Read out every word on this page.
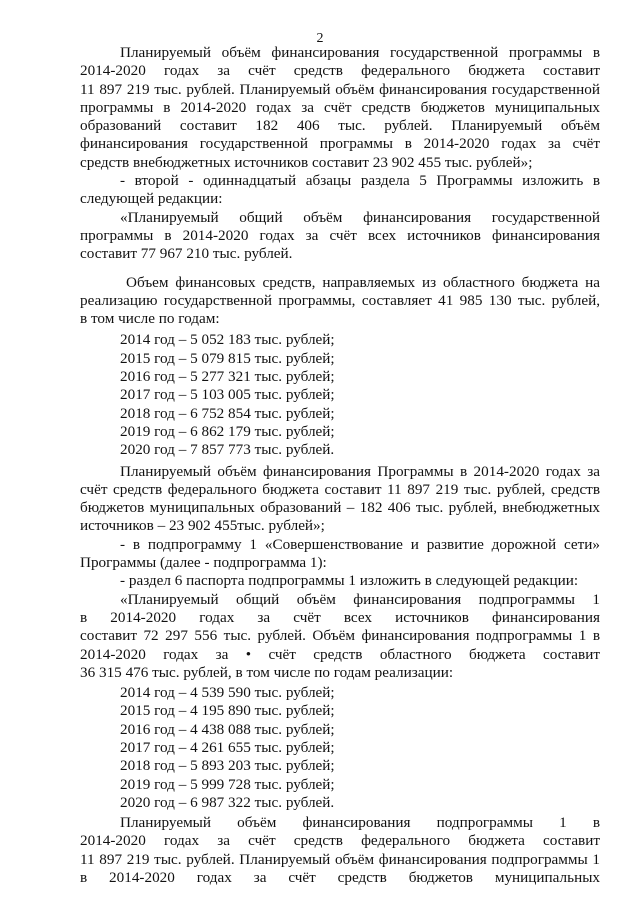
2
Планируемый объём финансирования государственной программы в
2014-2020 годах за счёт средств федерального бюджета составит
11 897 219 тыс. рублей. Планируемый объём финансирования государственной
программы в 2014-2020 годах за счёт средств бюджетов муниципальных
образований составит 182 406 тыс. рублей. Планируемый объём
финансирования государственной программы в 2014-2020 годах за счёт
средств внебюджетных источников составит 23 902 455 тыс. рублей»;
- второй - одиннадцатый абзацы раздела 5 Программы изложить в
следующей редакции:
«Планируемый общий объём финансирования государственной
программы в 2014-2020 годах за счёт всех источников финансирования
составит 77 967 210 тыс. рублей.
Объем финансовых средств, направляемых из областного бюджета на
реализацию государственной программы, составляет 41 985 130 тыс. рублей,
в том числе по годам:
2014 год – 5 052 183 тыс. рублей;
2015 год – 5 079 815 тыс. рублей;
2016 год – 5 277 321 тыс. рублей;
2017 год – 5 103 005 тыс. рублей;
2018 год – 6 752 854 тыс. рублей;
2019 год – 6 862 179 тыс. рублей;
2020 год – 7 857 773 тыс. рублей.
Планируемый объём финансирования Программы в 2014-2020 годах за
счёт средств федерального бюджета составит 11 897 219 тыс. рублей, средств
бюджетов муниципальных образований – 182 406 тыс. рублей, внебюджетных
источников – 23 902 455тыс. рублей»;
- в подпрограмму 1 «Совершенствование и развитие дорожной сети»
Программы (далее - подпрограмма 1):
- раздел 6 паспорта подпрограммы 1 изложить в следующей редакции:
«Планируемый общий объём финансирования подпрограммы 1
в 2014-2020 годах за счёт всех источников финансирования
составит 72 297 556 тыс. рублей. Объём финансирования подпрограммы 1 в
2014-2020 годах за • счёт средств областного бюджета составит
36 315 476 тыс. рублей, в том числе по годам реализации:
2014 год – 4 539 590 тыс. рублей;
2015 год – 4 195 890 тыс. рублей;
2016 год – 4 438 088 тыс. рублей;
2017 год – 4 261 655 тыс. рублей;
2018 год – 5 893 203 тыс. рублей;
2019 год – 5 999 728 тыс. рублей;
2020 год – 6 987 322 тыс. рублей.
Планируемый объём финансирования подпрограммы 1 в
2014-2020 годах за счёт средств федерального бюджета составит
11 897 219 тыс. рублей. Планируемый объём финансирования подпрограммы 1
в 2014-2020 годах за счёт средств бюджетов муниципальных
